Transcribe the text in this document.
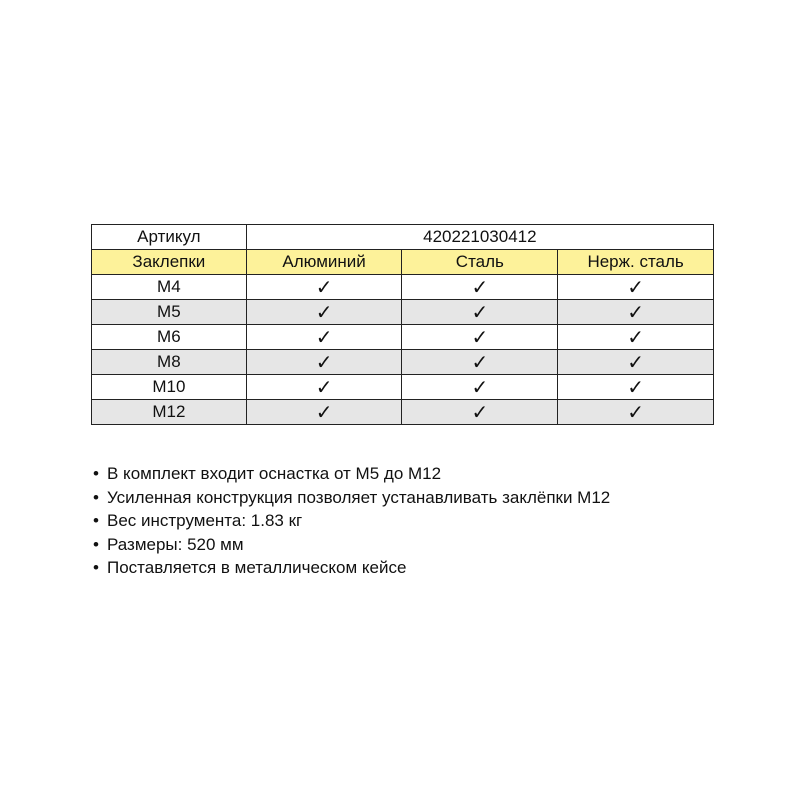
Артикул	420221030412		
Заклепки	Алюминий	Сталь	Нерж. сталь
М4	✓	✓	✓
М5	✓	✓	✓
М6	✓	✓	✓
М8	✓	✓	✓
М10	✓	✓	✓
М12	✓	✓	✓
• В комплект входит оснастка от М5 до М12
• Усиленная конструкция позволяет устанавливать заклёпки М12
• Вес инструмента: 1.83 кг
• Размеры: 520 мм
• Поставляется в металлическом кейсе
